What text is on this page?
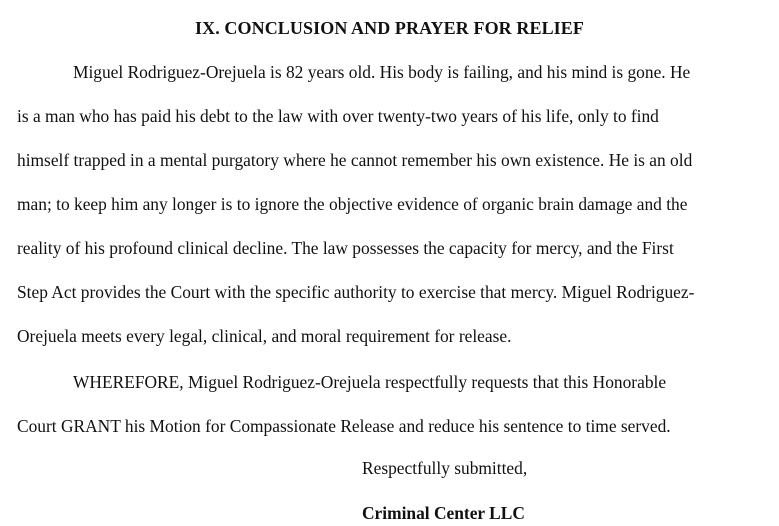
IX. CONCLUSION AND PRAYER FOR RELIEF
Miguel Rodriguez-Orejuela is 82 years old. His body is failing, and his mind is gone. He
is a man who has paid his debt to the law with over twenty-two years of his life, only to find
himself trapped in a mental purgatory where he cannot remember his own existence. He is an old
man; to keep him any longer is to ignore the objective evidence of organic brain damage and the
reality of his profound clinical decline. The law possesses the capacity for mercy, and the First
Step Act provides the Court with the specific authority to exercise that mercy. Miguel Rodriguez-
Orejuela meets every legal, clinical, and moral requirement for release.
WHEREFORE, Miguel Rodriguez-Orejuela respectfully requests that this Honorable
Court GRANT his Motion for Compassionate Release and reduce his sentence to time served.

Respectfully submitted,

Criminal Center LLC
